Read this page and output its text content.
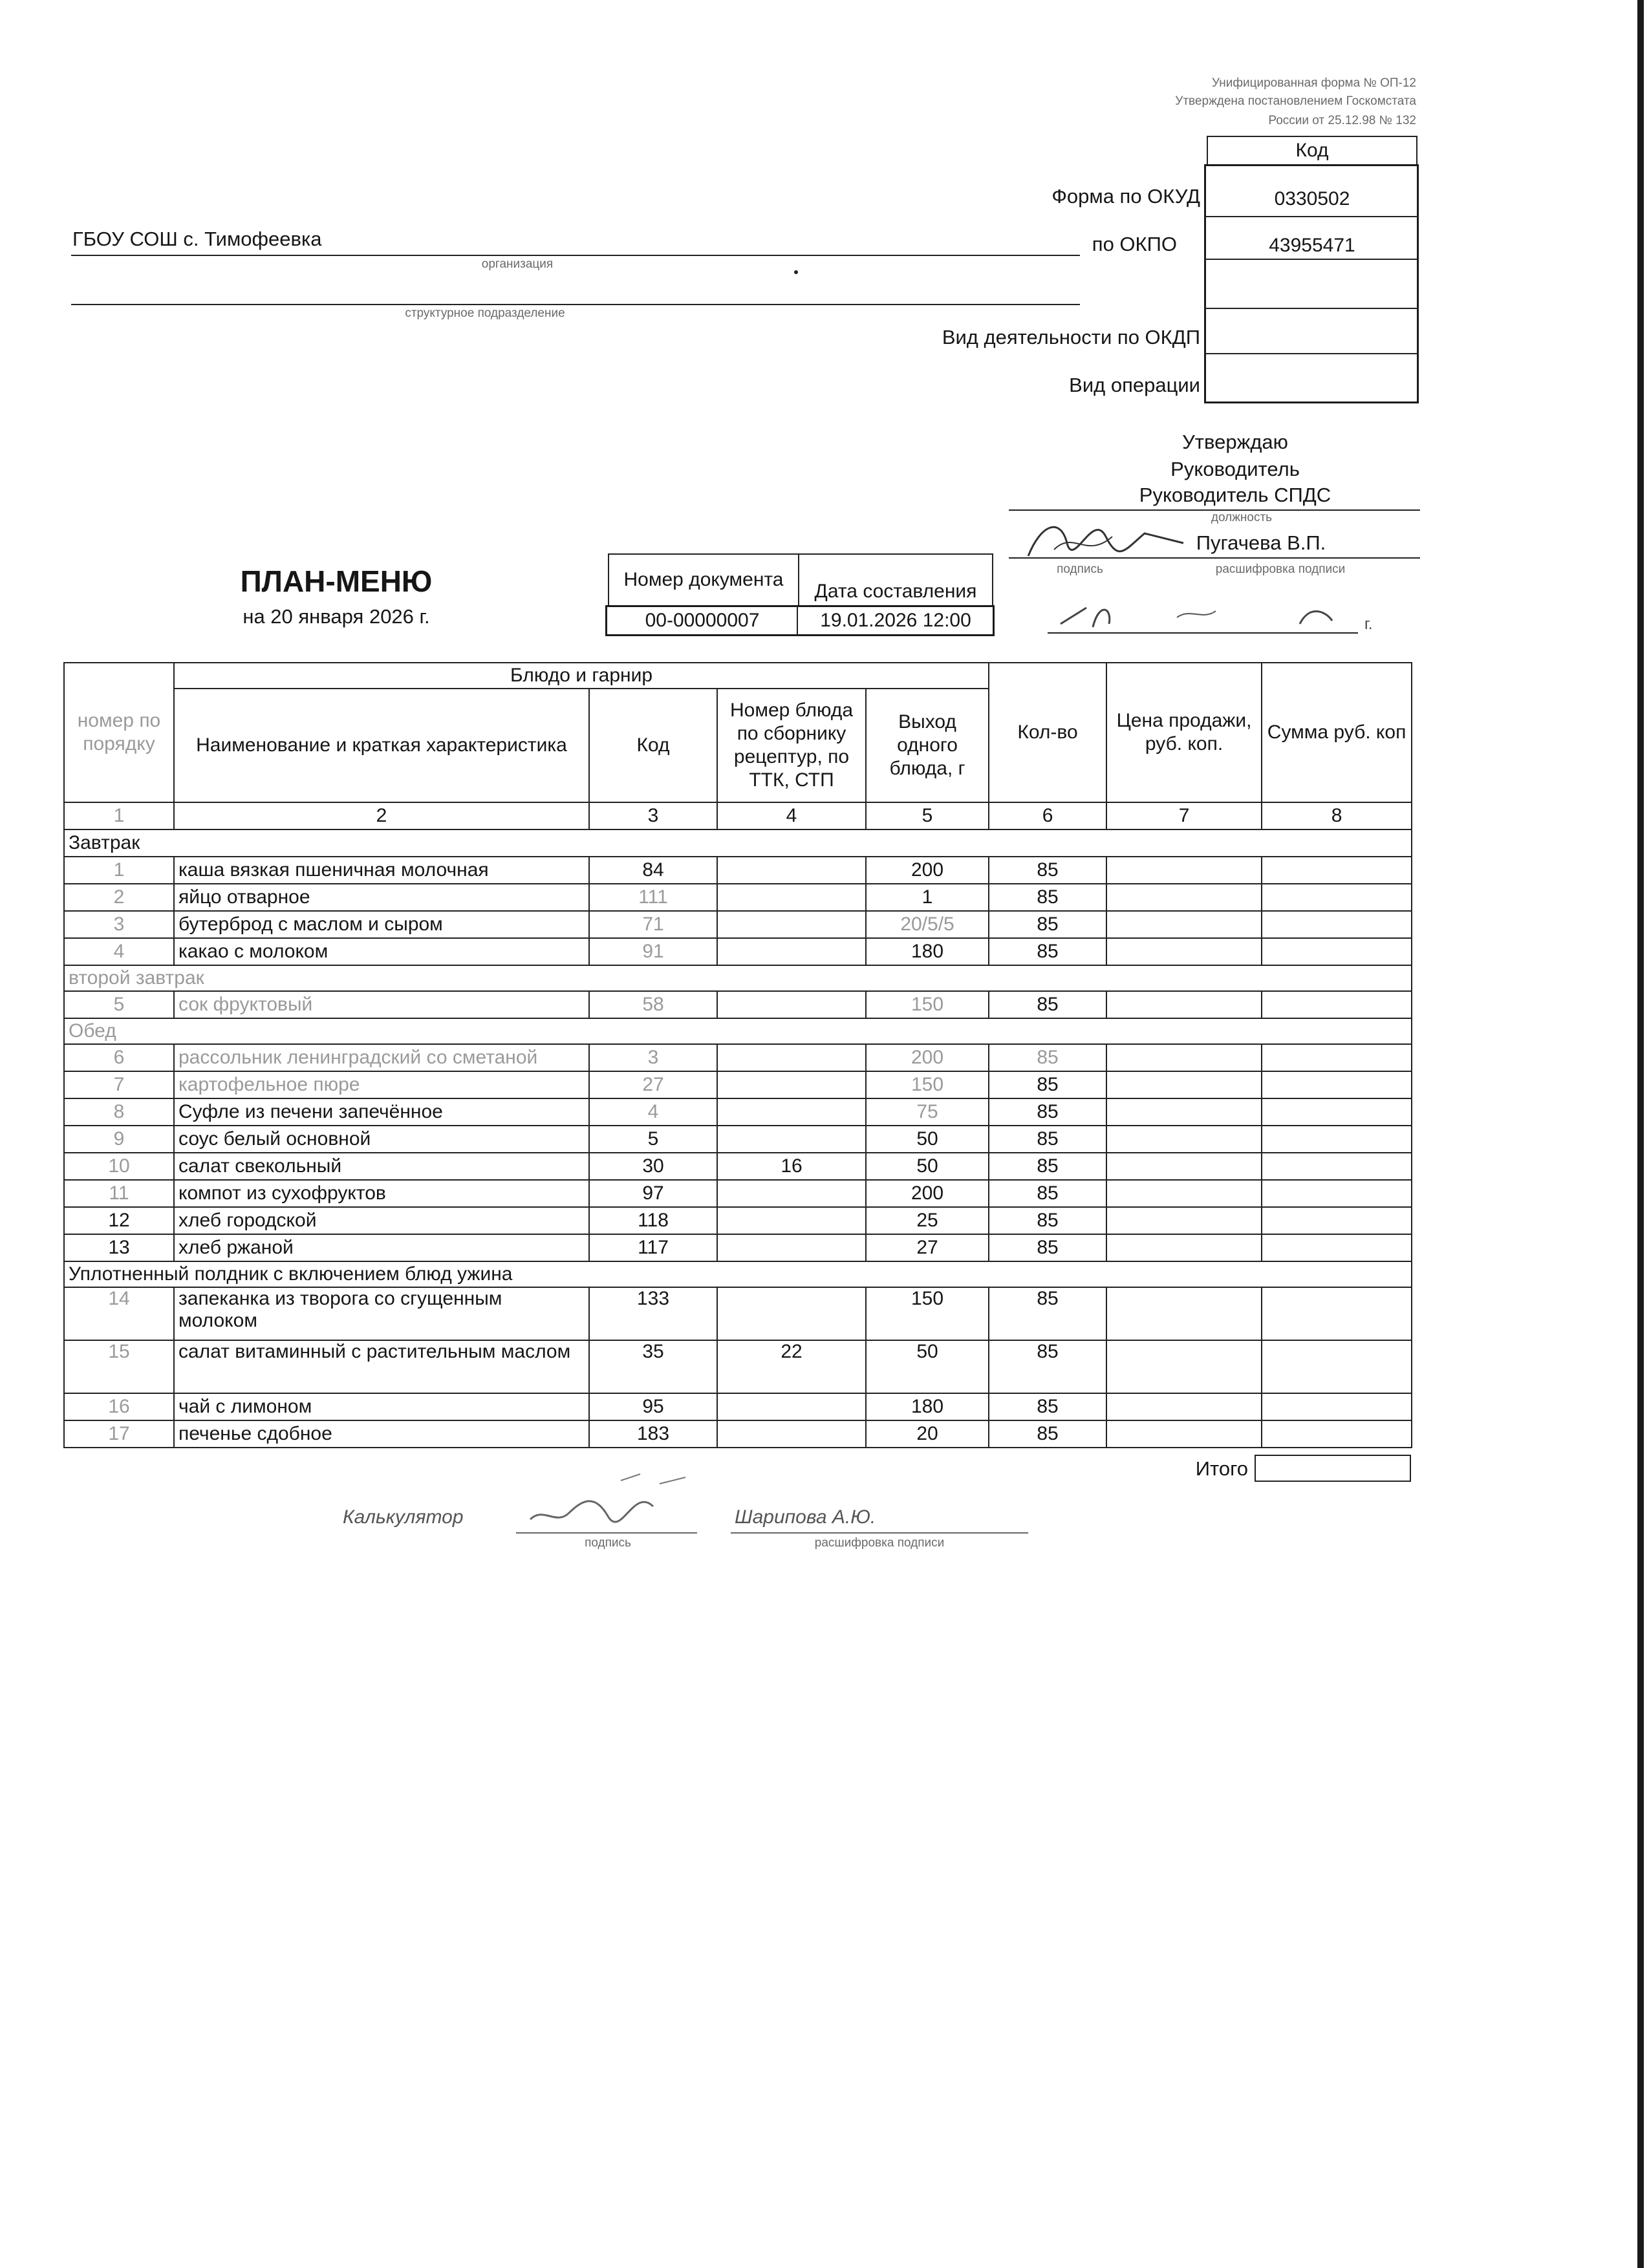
Унифицированная форма № ОП-12
Утверждена постановлением Госкомстата
России от 25.12.98 № 132
Код
Форма по ОКУД	0330502
по ОКПО	43955471
Вид деятельности по ОКДП
Вид операции
ГБОУ СОШ с. Тимофеевка
организация
структурное подразделение
Утверждаю
Руководитель
Руководитель СПДС
должность
Пугачева В.П.
подпись	расшифровка подписи
г.
ПЛАН-МЕНЮ
на 20 января 2026 г.
Номер документа
Дата составления
00-00000007	19.01.2026 12:00
номер по порядку	Блюдо и гарнир				Кол-во	Цена продажи, руб. коп.	Сумма руб. коп
	Наименование и краткая характеристика	Код	Номер блюда по сборнику рецептур, по ТТК, СТП	Выход одного блюда, г			
1	2	3	4	5	6	7	8
Завтрак							
1	каша вязкая пшеничная молочная	84		200	85		
2	яйцо отварное	111		1	85		
3	бутерброд с маслом и сыром	71		20/5/5	85		
4	какао с молоком	91		180	85		
второй завтрак							
5	сок фруктовый	58		150	85		
Обед							
6	рассольник ленинградский со сметаной	3		200	85		
7	картофельное пюре	27		150	85		
8	Суфле из печени запечённое	4		75	85		
9	соус белый основной	5		50	85		
10	салат свекольный	30	16	50	85		
11	компот из сухофруктов	97		200	85		
12	хлеб городской	118		25	85		
13	хлеб ржаной	117		27	85		
Уплотненный полдник с включением блюд ужина							
14	запеканка из творога со сгущенным молоком	133		150	85		
15	салат витаминный с растительным маслом	35	22	50	85		
16	чай с лимоном	95		180	85		
17	печенье сдобное	183		20	85		
Итого
Калькулятор
подпись
Шарипова А.Ю.
расшифровка подписи
